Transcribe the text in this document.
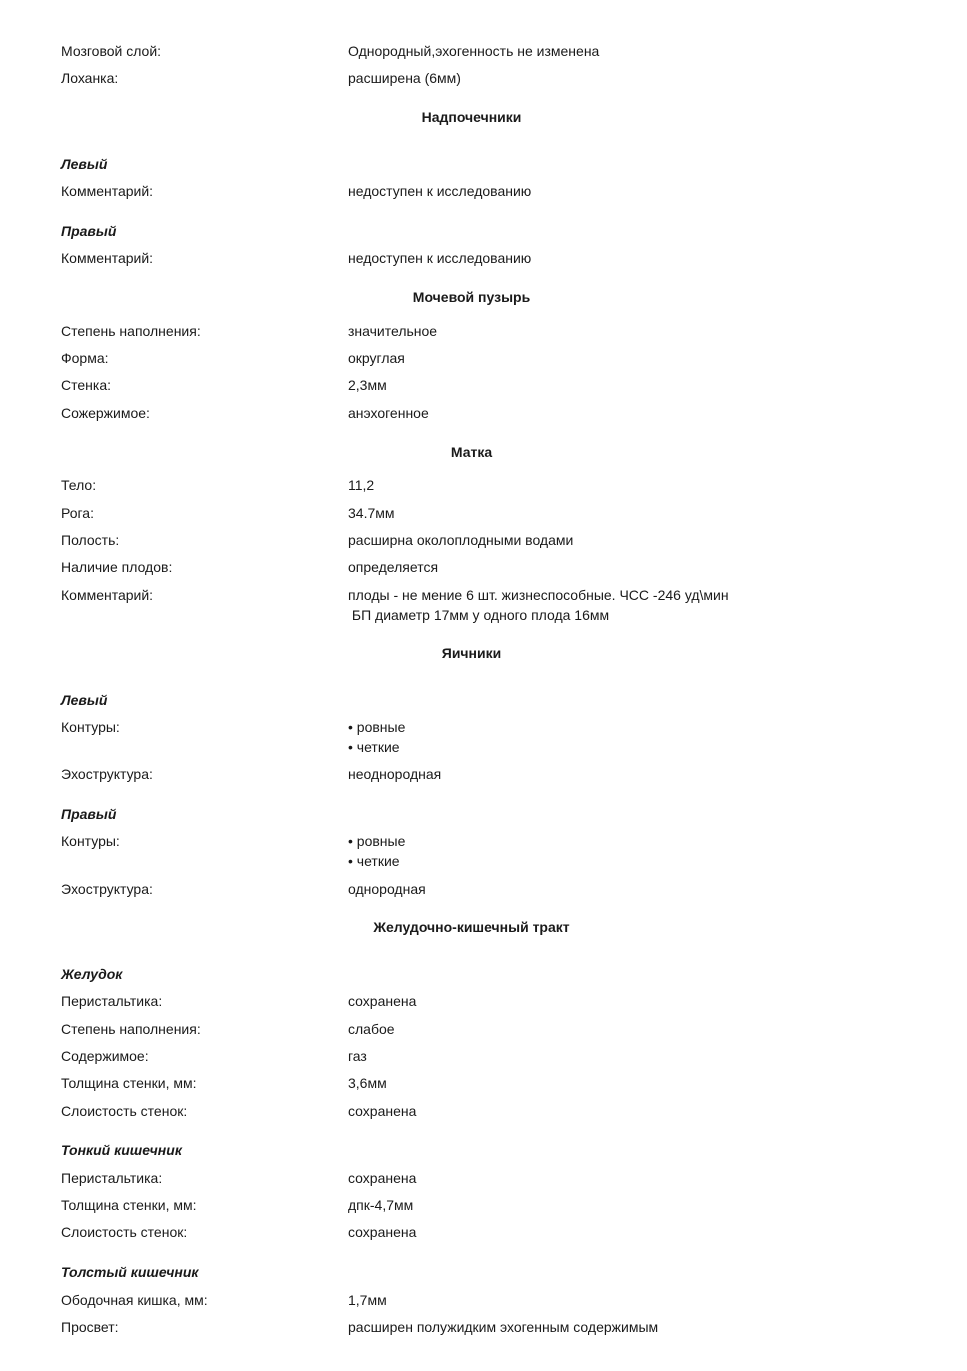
Мозговой слой:	Однородный,эхогенность не изменена
Лоханка:	расширена (6мм)
Надпочечники
Левый
Комментарий:	недоступен к исследованию
Правый
Комментарий:	недоступен к исследованию
Мочевой пузырь
Степень наполнения:	значительное
Форма:	округлая
Стенка:	2,3мм
Сожержимое:	анэхогенное
Матка
Тело:	11,2
Рога:	34.7мм
Полость:	расширна околоплодными водами
Наличие плодов:	определяется
Комментарий:	плоды - не мение 6 шт. жизнеспособные. ЧСС -246 уд\мин
БП диаметр 17мм у одного плода 16мм
Яичники
Левый
Контуры:	• ровные
• четкие
Эхоструктура:	неоднородная
Правый
Контуры:	• ровные
• четкие
Эхоструктура:	однородная
Желудочно-кишечный тракт
Желудок
Перистальтика:	сохранена
Степень наполнения:	слабое
Содержимое:	газ
Толщина стенки, мм:	3,6мм
Слоистость стенок:	сохранена
Тонкий кишечник
Перистальтика:	сохранена
Толщина стенки, мм:	дпк-4,7мм
Слоистость стенок:	сохранена
Толстый кишечник
Ободочная кишка, мм:	1,7мм
Просвет:	расширен полужидким эхогенным содержимым
